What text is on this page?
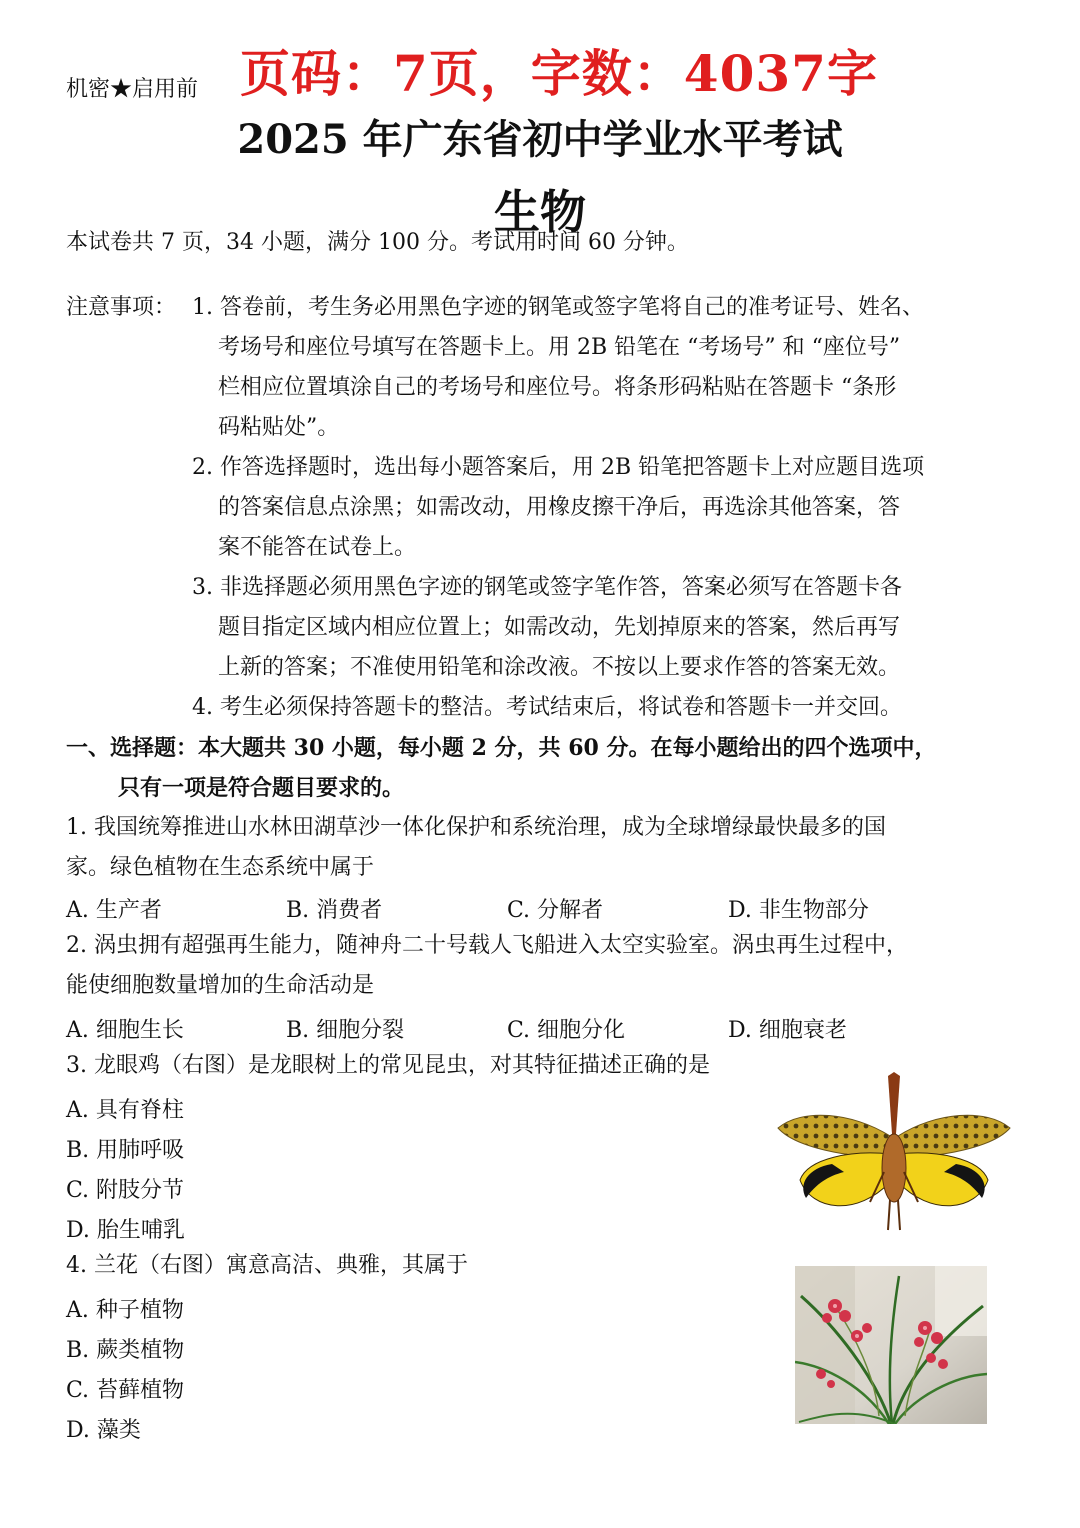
机密★启用前 页码：7页，字数：4037字
2025 年广东省初中学业水平考试
生物
本试卷共 7 页，34 小题，满分 100 分。考试用时间 60 分钟。
注意事项： 1. 答卷前，考生务必用黑色字迹的钢笔或签字笔将自己的准考证号、姓名、
考场号和座位号填写在答题卡上。用 2B 铅笔在 “考场号” 和 “座位号”
栏相应位置填涂自己的考场号和座位号。将条形码粘贴在答题卡 “条形
码粘贴处”。
2. 作答选择题时，选出每小题答案后，用 2B 铅笔把答题卡上对应题目选项
的答案信息点涂黑；如需改动，用橡皮擦干净后，再选涂其他答案，答
案不能答在试卷上。
3. 非选择题必须用黑色字迹的钢笔或签字笔作答，答案必须写在答题卡各
题目指定区域内相应位置上；如需改动，先划掉原来的答案，然后再写
上新的答案；不准使用铅笔和涂改液。不按以上要求作答的答案无效。
4. 考生必须保持答题卡的整洁。考试结束后，将试卷和答题卡一并交回。
一、选择题：本大题共 30 小题，每小题 2 分，共 60 分。在每小题给出的四个选项中，
只有一项是符合题目要求的。
1. 我国统筹推进山水林田湖草沙一体化保护和系统治理，成为全球增绿最快最多的国
家。绿色植物在生态系统中属于
A. 生产者	B. 消费者	C. 分解者	D. 非生物部分
2. 涡虫拥有超强再生能力，随神舟二十号载人飞船进入太空实验室。涡虫再生过程中，
能使细胞数量增加的生命活动是
A. 细胞生长	B. 细胞分裂	C. 细胞分化	D. 细胞衰老
3. 龙眼鸡（右图）是龙眼树上的常见昆虫，对其特征描述正确的是
A. 具有脊柱
B. 用肺呼吸
C. 附肢分节
D. 胎生哺乳
4. 兰花（右图）寓意高洁、典雅，其属于
A. 种子植物
B. 蕨类植物
C. 苔藓植物
D. 藻类
